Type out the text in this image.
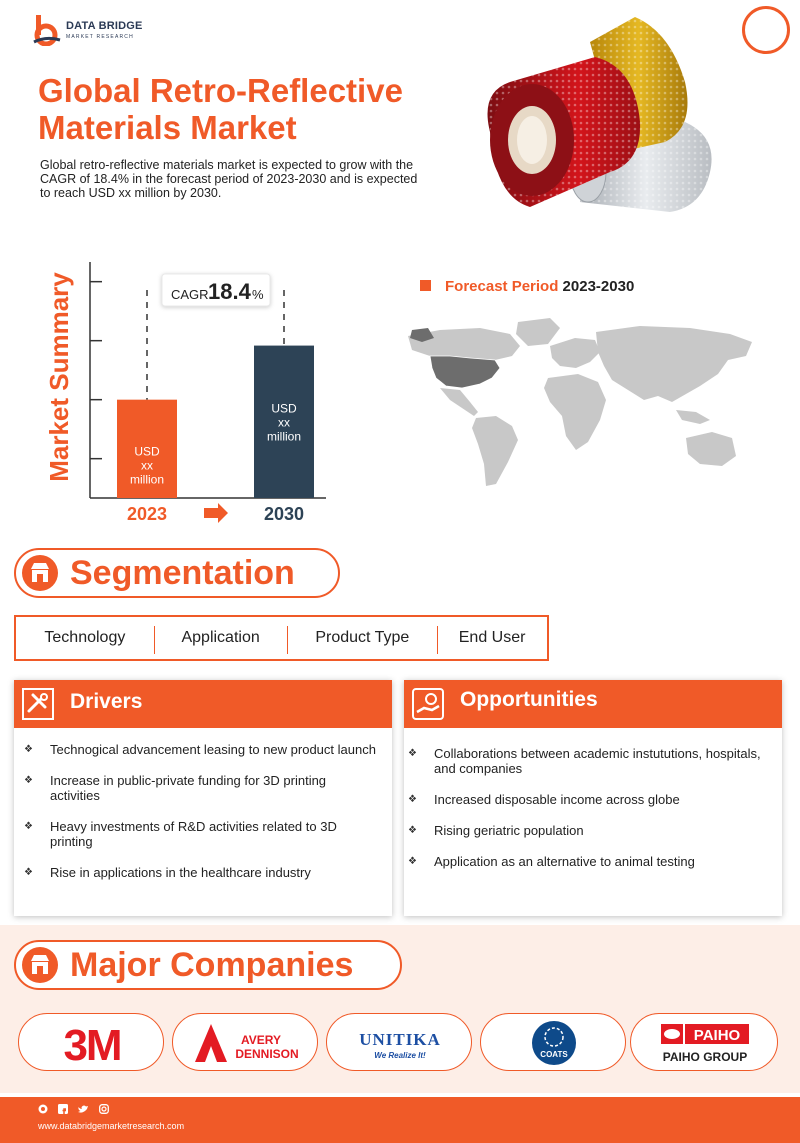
DATA BRIDGE
MARKET RESEARCH
Global Retro-Reflective Materials Market

Global retro-reflective materials market is expected to grow with the CAGR of 18.4% in the forecast period of 2023-2030 and is expected to reach USD xx million by 2030.

Market Summary	USD xx million
USD xx million
CAGR 18.4 %
2023	2030
Forecast Period 2023-2030
Segmentation
Technology	Application	Product Type	End User
Drivers
❖ Technogical advancement leasing to new product launch
❖ Increase in public-private funding for 3D printing activities
❖ Heavy investments of R&D activities related to 3D printing
❖ Rise in applications in the healthcare industry
Opportunities
❖ Collaborations between academic instututions, hospitals, and companies
❖ Increased disposable income across globe
❖ Rising geriatric population
❖ Application as an alternative to animal testing
Major Companies
3M	AVERY
DENNISON
UNITIKA
We Realize It!	COATS
PAIHO
PAIHO GROUP
www.databridgemarketresearch.com
